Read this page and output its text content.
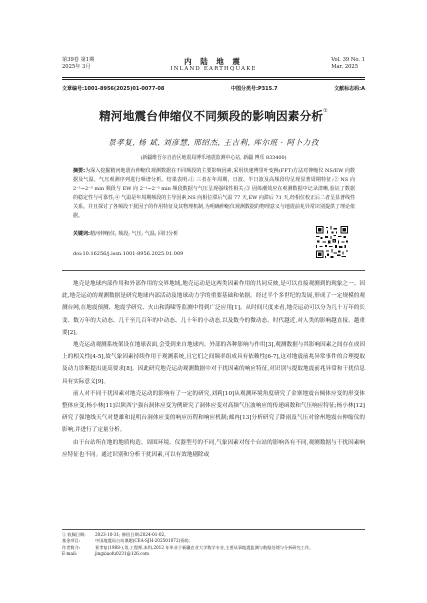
第39卷 第1期
2025年 3月
内 陆 地 震
INLAND EARTHQUAKE
Vol. 39 No. 1
Mar. 2025
文章编号:1001-8956(2025)01-0077-08	中图分类号:P315.7	文献标志码:A
精河地震台伸缩仪不同频段的影响因素分析①
景孝复, 杨 斌, 刘彦慧, 邢绍杰, 王吉利, 库尔班 · 阿卜力孜
(新疆维吾尔自治区地震局博乐地震监测中心站, 新疆 博乐 833400)
摘要:为深入挖掘精河地震台伸缩仪观测数据在不同频段的主要影响因素,采用快速傅里叶变换(FFT)方法对伸缩仪 NS/EW 向数据及气温、气压观测序列进行频谱分析。结果表明:① 三者在年周期、日波、半日波及高频段均呈现显著周期特征;② NS 向 2⁻¹~2⁻⁵ min 频段与 EW 向 2⁻¹~2⁻⁵ min 频段数据与气压呈现强线性相关;③ 固体潮效应在观测数据中记录清晰,验证了数据的稳定性与可靠性;④ 气温是年周期频段的主导因素,NS 向相位滞后气温 77 天,EW 向滞后 71 天,经相位校正后二者呈显著线性关系。并且探讨了各频段干扰因子的作用特征及其物理机制,为明确伸缩仪观测数据的物理意义与地震前兆异常识别提供了理论依据。
关键词:精河伸缩仪; 频段; 气压; 气温; 回归分析
doi:10.16256/j.issn.1001-8956.2025.01.009

地壳是地球内部作用和外部作用的交界地域,地壳运动是这两类因素作用的共同反映,是可以直接观测到的现象之一。因此,地壳运动的观测数据是研究地球内部活动及地球动力学的重要基础和依据。经过半个多世纪的发展,形成了一定规模的观测台网,在地震预测、地震学研究、火山和海啸等监测中得到广泛应用[1]。从时间尺度来看,地壳运动可以分为几十万年的长变、数万年的大动态、几千至几百年的中动态、几十年的小动态,以及数今的微动态。时代越近,对人类的影响越直接、越重要[2]。

地壳运动观测系统架设在地球表面,会受到来自地球内、外部的各种影响与作用[3],观测数据与其影响因素之间存在成因上的相关性[4-5],故气象因素持续作用于观测系统,且它们之间频率组成具有依赖性[6-7],这对地震前兆异常事件的合理提取及动力诊断提出更高要求[8]。因此研究地壳运动观测数据中对于扰因素的响应特征,对识别与提取地震前兆异常和干扰信息具有实际意义[9]。

前人对不同干扰因素对地壳运动的影响有了一定的研究,刘莉[10]从观测环境角度研究了金寨地震台倾体应变的形变体整体应变;杨小林[11]以陕西宁强台洞体应变为例研究了洞体应变对高频气压波响应的传递函数和气压响应特征;杨小林[12]研究了强地线天气对楚雄和昆明台洞体应变的响应历程和响应机制;邮冉[13]分析研究了降雨及气压对徐州地震台伸缩仪的影响,并进行了定量分析。

由于台站所在地的地质构造、周围环境、仪器型号的不同,气象因素对每个台站的影响各有不同,观测数据与干扰因素响应特征也不同。通过识别和分析干扰因素,可以有效地剔除或

① 收稿日期: 2023-10-31; 修回日期:2024-01-02。
基金项目:	中国地震局台站课题(CEA-SJH-202501072)资助。
作者简介:	景孝复(1988-),男,工程师,本科,2012 年毕业于新疆农业大学数学专业,主要从事地震监测与数据处理与分析研究工作。
E-mail:	jingxiaofu0231@126.com
